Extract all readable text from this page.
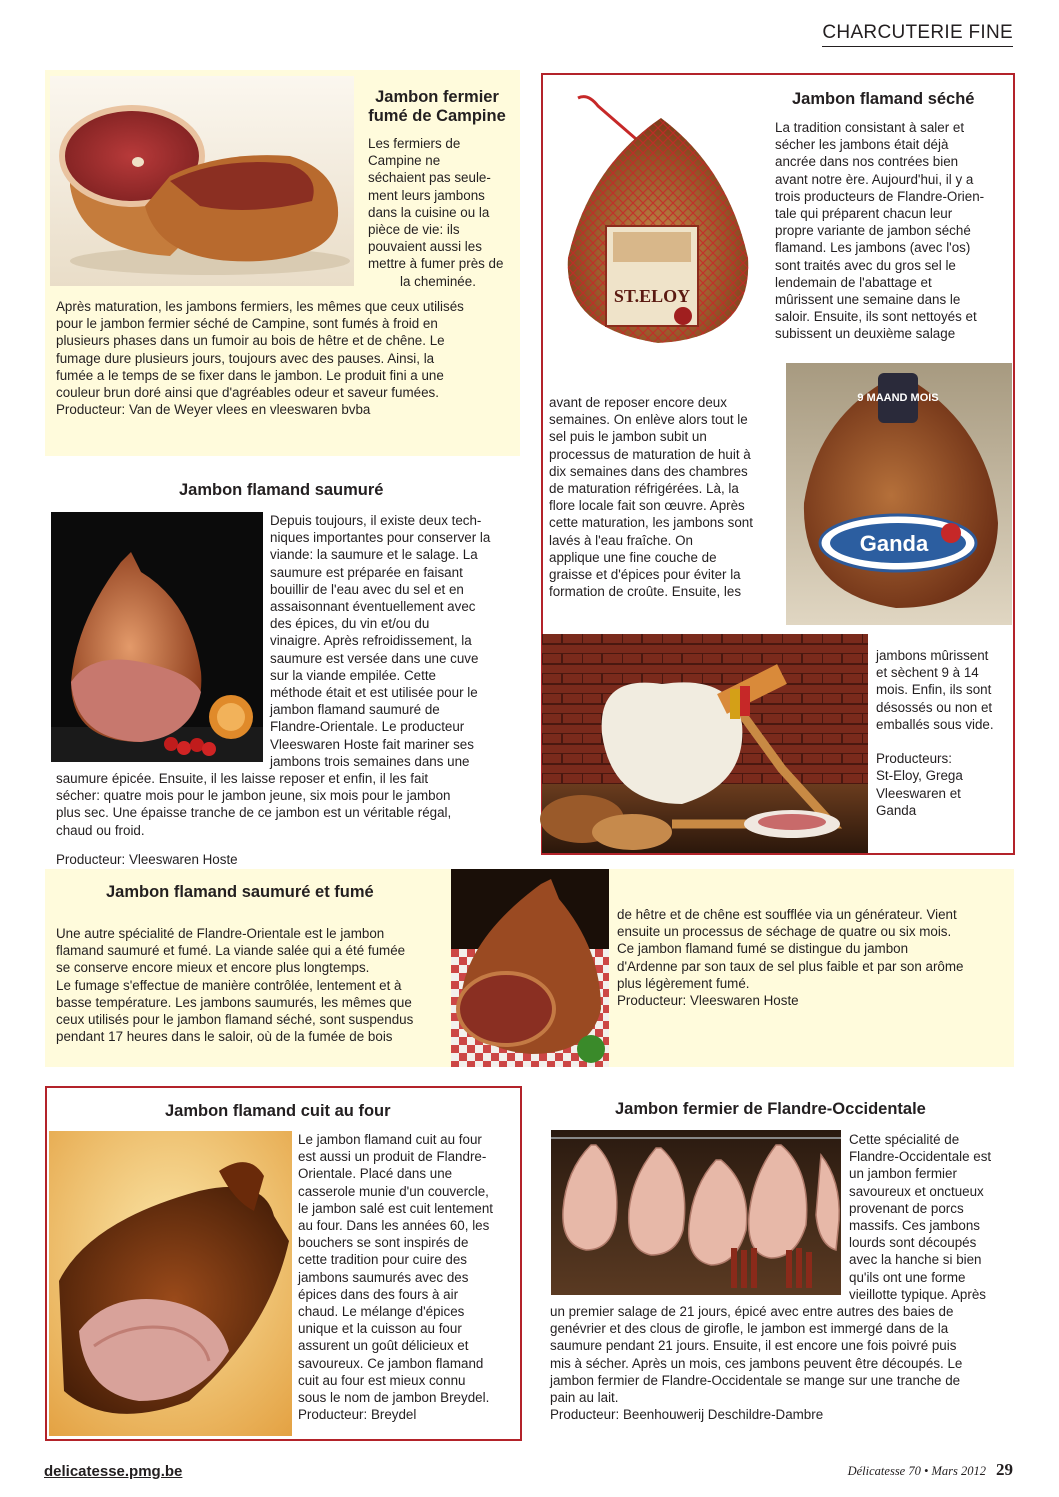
CHARCUTERIE FINE
Jambon fermier
fumé de Campine
Les fermiers de
Campine ne
séchaient pas seule-
ment leurs jambons
dans la cuisine ou la
pièce de vie: ils
pouvaient aussi les
mettre à fumer près de
la cheminée.
Après maturation, les jambons fermiers, les mêmes que ceux utilisés
pour le jambon fermier séché de Campine, sont fumés à froid en
plusieurs phases dans un fumoir au bois de hêtre et de chêne. Le
fumage dure plusieurs jours, toujours avec des pauses. Ainsi, la
fumée a le temps de se fixer dans le jambon. Le produit fini a une
couleur brun doré ainsi que d'agréables odeur et saveur fumées.
Producteur: Van de Weyer vlees en vleeswaren bvba
ST.ELOY
Jambon flamand séché
La tradition consistant à saler et
sécher les jambons était déjà
ancrée dans nos contrées bien
avant notre ère. Aujourd'hui, il y a
trois producteurs de Flandre-Orien-
tale qui préparent chacun leur
propre variante de jambon séché
flamand. Les jambons (avec l'os)
sont traités avec du gros sel le
lendemain de l'abattage et
mûrissent une semaine dans le
saloir. Ensuite, ils sont nettoyés et
subissent un deuxième salage
9 MAAND MOIS
Ganda
avant de reposer encore deux
semaines. On enlève alors tout le
sel puis le jambon subit un
processus de maturation de huit à
dix semaines dans des chambres
de maturation réfrigérées. Là, la
flore locale fait son œuvre. Après
cette maturation, les jambons sont
lavés à l'eau fraîche. On
applique une fine couche de
graisse et d'épices pour éviter la
formation de croûte. Ensuite, les
jambons mûrissent
et sèchent 9 à 14
mois. Enfin, ils sont
désossés ou non et
emballés sous vide.
Producteurs:
St-Eloy, Grega
Vleeswaren et
Ganda
Jambon flamand saumuré
Depuis toujours, il existe deux tech-
niques importantes pour conserver la
viande: la saumure et le salage. La
saumure est préparée en faisant
bouillir de l'eau avec du sel et en
assaisonnant éventuellement avec
des épices, du vin et/ou du
vinaigre. Après refroidissement, la
saumure est versée dans une cuve
sur la viande empilée. Cette
méthode était et est utilisée pour le
jambon flamand saumuré de
Flandre-Orientale. Le producteur
Vleeswaren Hoste fait mariner ses
jambons trois semaines dans une
saumure épicée. Ensuite, il les laisse reposer et enfin, il les fait
sécher: quatre mois pour le jambon jeune, six mois pour le jambon
plus sec. Une épaisse tranche de ce jambon est un véritable régal,
chaud ou froid.
Producteur: Vleeswaren Hoste
Jambon flamand saumuré et fumé
Une autre spécialité de Flandre-Orientale est le jambon
flamand saumuré et fumé. La viande salée qui a été fumée
se conserve encore mieux et encore plus longtemps.
Le fumage s'effectue de manière contrôlée, lentement et à
basse température. Les jambons saumurés, les mêmes que
ceux utilisés pour le jambon flamand séché, sont suspendus
pendant 17 heures dans le saloir, où de la fumée de bois
de hêtre et de chêne est soufflée via un générateur. Vient
ensuite un processus de séchage de quatre ou six mois.
Ce jambon flamand fumé se distingue du jambon
d'Ardenne par son taux de sel plus faible et par son arôme
plus légèrement fumé.
Producteur: Vleeswaren Hoste
Jambon flamand cuit au four
Le jambon flamand cuit au four
est aussi un produit de Flandre-
Orientale. Placé dans une
casserole munie d'un couvercle,
le jambon salé est cuit lentement
au four. Dans les années 60, les
bouchers se sont inspirés de
cette tradition pour cuire des
jambons saumurés avec des
épices dans des fours à air
chaud. Le mélange d'épices
unique et la cuisson au four
assurent un goût délicieux et
savoureux. Ce jambon flamand
cuit au four est mieux connu
sous le nom de jambon Breydel.
Producteur: Breydel
Jambon fermier de Flandre-Occidentale
Cette spécialité de
Flandre-Occidentale est
un jambon fermier
savoureux et onctueux
provenant de porcs
massifs. Ces jambons
lourds sont découpés
avec la hanche si bien
qu'ils ont une forme
vieillotte typique. Après
un premier salage de 21 jours, épicé avec entre autres des baies de
genévrier et des clous de girofle, le jambon est immergé dans de la
saumure pendant 21 jours. Ensuite, il est encore une fois poivré puis
mis à sécher. Après un mois, ces jambons peuvent être découpés. Le
jambon fermier de Flandre-Occidentale se mange sur une tranche de
pain au lait.
Producteur: Beenhouwerij Deschildre-Dambre
delicatesse.pmg.be	Délicatesse 70 • Mars 2012 29
